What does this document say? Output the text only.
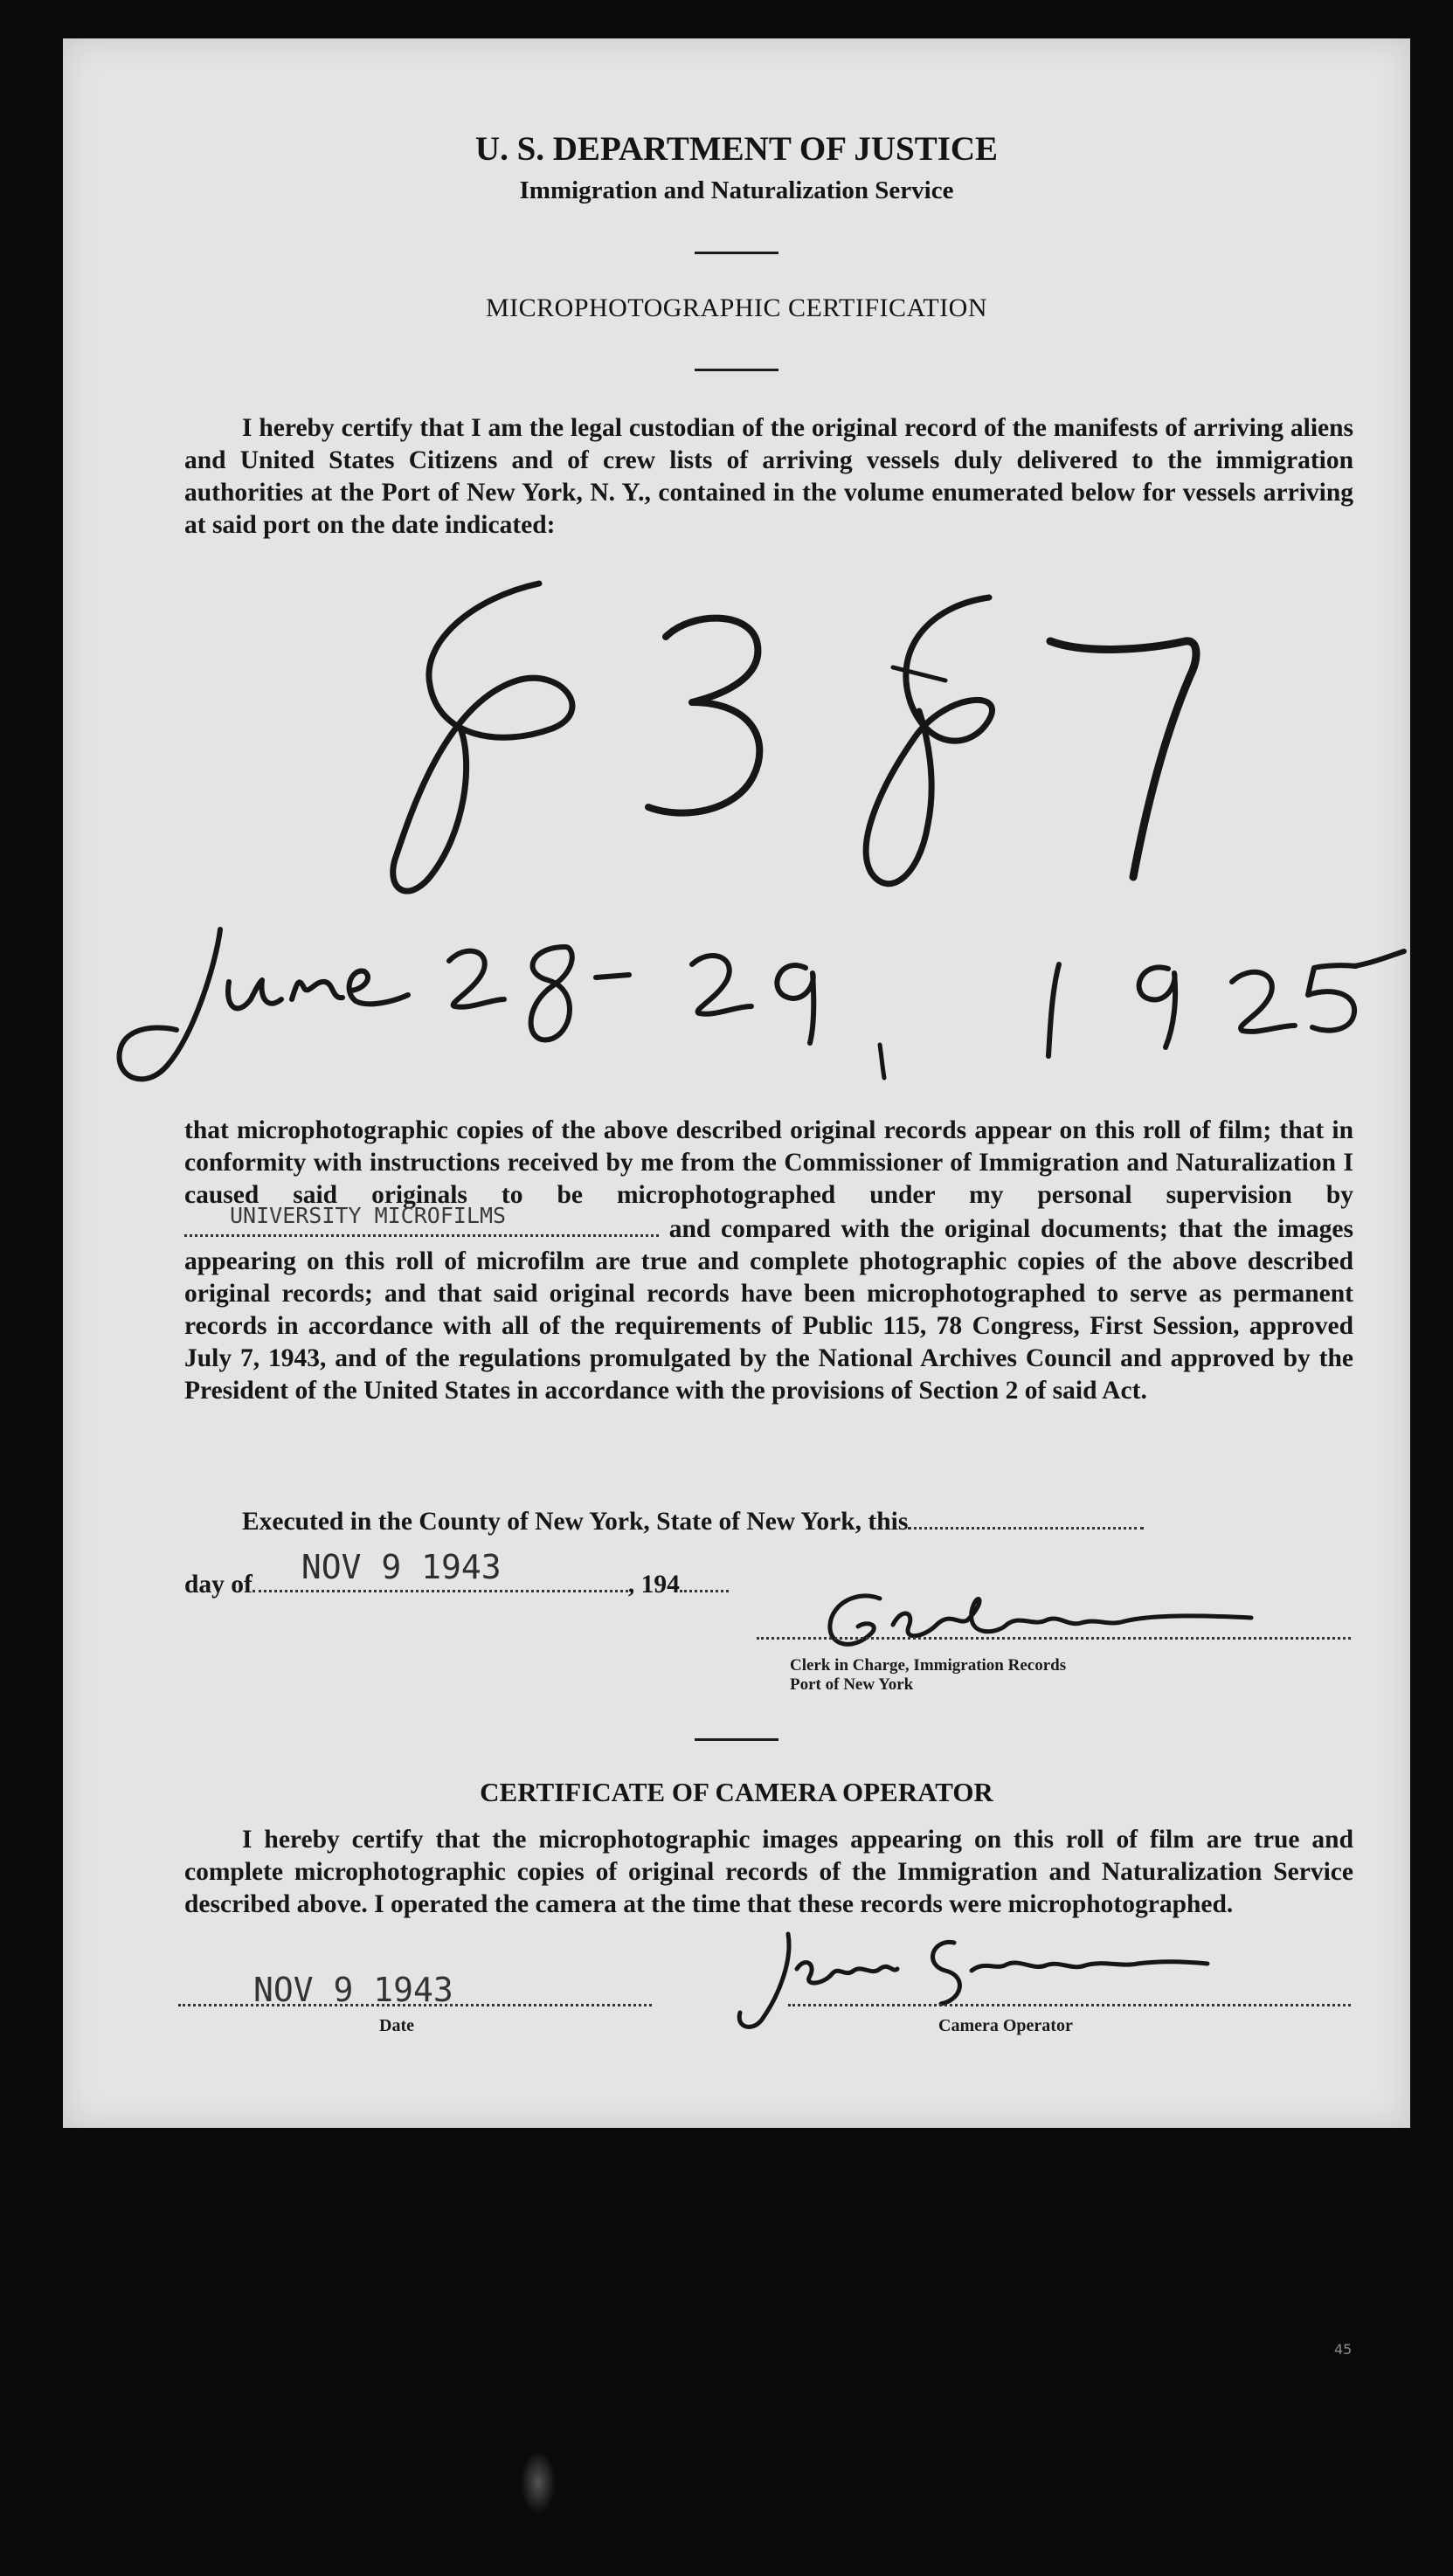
U. S. DEPARTMENT OF JUSTICE
Immigration and Naturalization Service
MICROPHOTOGRAPHIC CERTIFICATION
I hereby certify that I am the legal custodian of the original record of the manifests of arriving aliens and United States Citizens and of crew lists of arriving vessels duly delivered to the immigration authorities at the Port of New York, N. Y., contained in the volume enumerated below for vessels arriving at said port on the date indicated:
that microphotographic copies of the above described original records appear on this roll of film; that in conformity with instructions received by me from the Commissioner of Immigration and Naturalization I caused said originals to be microphotographed under my personal supervision by
UNIVERSITY MICROFILMS	and compared with the original documents; that the images appearing on this roll of microfilm are true and complete photographic copies of the above described original records; and that said original records have been microphotographed to serve as permanent records in accordance with all of the requirements of Public 115, 78 Congress, First Session, approved July 7, 1943, and of the regulations promulgated by the National Archives Council and approved by the President of the United States in accordance with the provisions of Section 2 of said Act.
Executed in the County of New York, State of New York, this
day of NOV 9 1943	, 194
Clerk in Charge, Immigration Records
Port of New York
CERTIFICATE OF CAMERA OPERATOR
I hereby certify that the microphotographic images appearing on this roll of film are true and complete microphotographic copies of original records of the Immigration and Naturalization Service described above. I operated the camera at the time that these records were microphotographed.
NOV 9 1943
Date	Camera Operator
45
